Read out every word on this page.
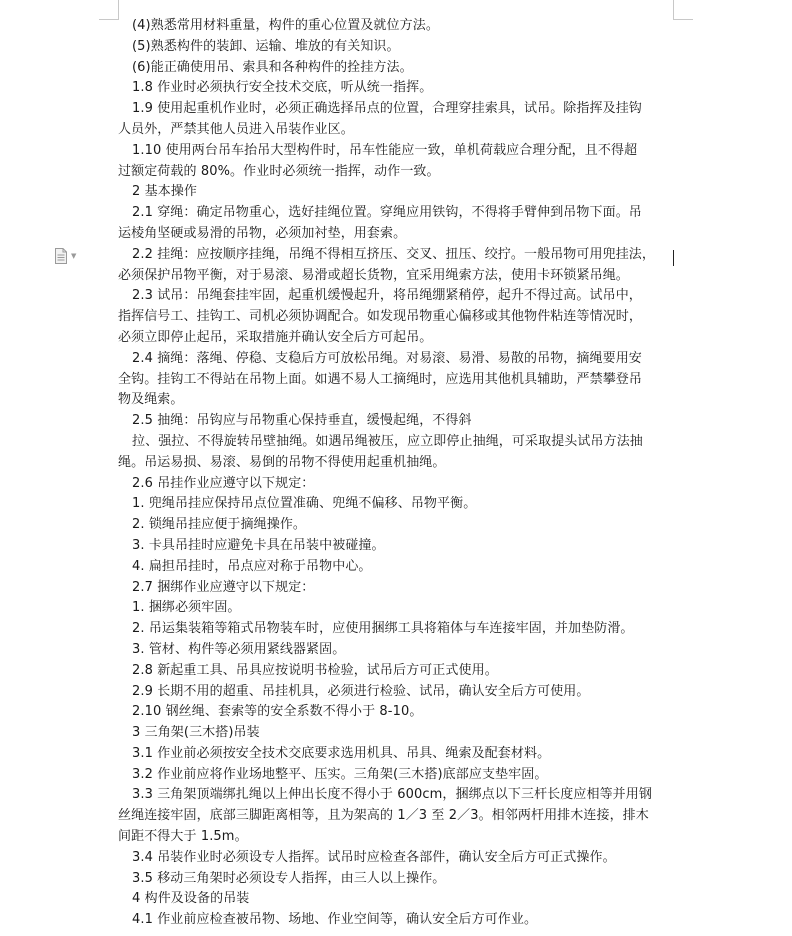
▼
(4)熟悉常用材料重量，构件的重心位置及就位方法。
(5)熟悉构件的装卸、运输、堆放的有关知识。
(6)能正确使用吊、索具和各种构件的拴挂方法。
1.8 作业时必须执行安全技术交底，听从统一指挥。
1.9 使用起重机作业时，必须正确选择吊点的位置，合理穿挂索具，试吊。除指挥及挂钩
人员外，严禁其他人员进入吊装作业区。
1.10 使用两台吊车抬吊大型构件时，吊车性能应一致，单机荷载应合理分配，且不得超
过额定荷载的 80%。作业时必须统一指挥，动作一致。
2 基本操作
2.1 穿绳：确定吊物重心，选好挂绳位置。穿绳应用铁钩，不得将手臂伸到吊物下面。吊
运棱角坚硬或易滑的吊物，必须加衬垫，用套索。
2.2 挂绳：应按顺序挂绳，吊绳不得相互挤压、交叉、扭压、绞拧。一般吊物可用兜挂法，
必须保护吊物平衡，对于易滚、易滑或超长货物，宜采用绳索方法，使用卡环锁紧吊绳。
2.3 试吊：吊绳套挂牢固，起重机缓慢起升，将吊绳绷紧稍停，起升不得过高。试吊中，
指挥信号工、挂钩工、司机必须协调配合。如发现吊物重心偏移或其他物件粘连等情况时，
必须立即停止起吊，采取措施并确认安全后方可起吊。
2.4 摘绳：落绳、停稳、支稳后方可放松吊绳。对易滚、易滑、易散的吊物，摘绳要用安
全钩。挂钩工不得站在吊物上面。如遇不易人工摘绳时，应选用其他机具辅助，严禁攀登吊
物及绳索。
2.5 抽绳：吊钩应与吊物重心保持垂直，缓慢起绳，不得斜
拉、强拉、不得旋转吊壁抽绳。如遇吊绳被压，应立即停止抽绳，可采取提头试吊方法抽
绳。吊运易损、易滚、易倒的吊物不得使用起重机抽绳。
2.6 吊挂作业应遵守以下规定：
1. 兜绳吊挂应保持吊点位置准确、兜绳不偏移、吊物平衡。
2. 锁绳吊挂应便于摘绳操作。
3. 卡具吊挂时应避免卡具在吊装中被碰撞。
4. 扁担吊挂时，吊点应对称于吊物中心。
2.7 捆绑作业应遵守以下规定：
1. 捆绑必须牢固。
2. 吊运集装箱等箱式吊物装车时，应使用捆绑工具将箱体与车连接牢固，并加垫防滑。
3. 管材、构件等必须用紧线器紧固。
2.8 新起重工具、吊具应按说明书检验，试吊后方可正式使用。
2.9 长期不用的超重、吊挂机具，必须进行检验、试吊，确认安全后方可使用。
2.10 钢丝绳、套索等的安全系数不得小于 8-10。
3 三角架(三木搭)吊装
3.1 作业前必须按安全技术交底要求选用机具、吊具、绳索及配套材料。
3.2 作业前应将作业场地整平、压实。三角架(三木搭)底部应支垫牢固。
3.3 三角架顶端绑扎绳以上伸出长度不得小于 600cm，捆绑点以下三杆长度应相等并用钢
丝绳连接牢固，底部三脚距离相等，且为架高的 1／3 至 2／3。相邻两杆用排木连接，排木
间距不得大于 1.5m。
3.4 吊装作业时必须设专人指挥。试吊时应检查各部件，确认安全后方可正式操作。
3.5 移动三角架时必须设专人指挥，由三人以上操作。
4 构件及设备的吊装
4.1 作业前应检查被吊物、场地、作业空间等，确认安全后方可作业。
